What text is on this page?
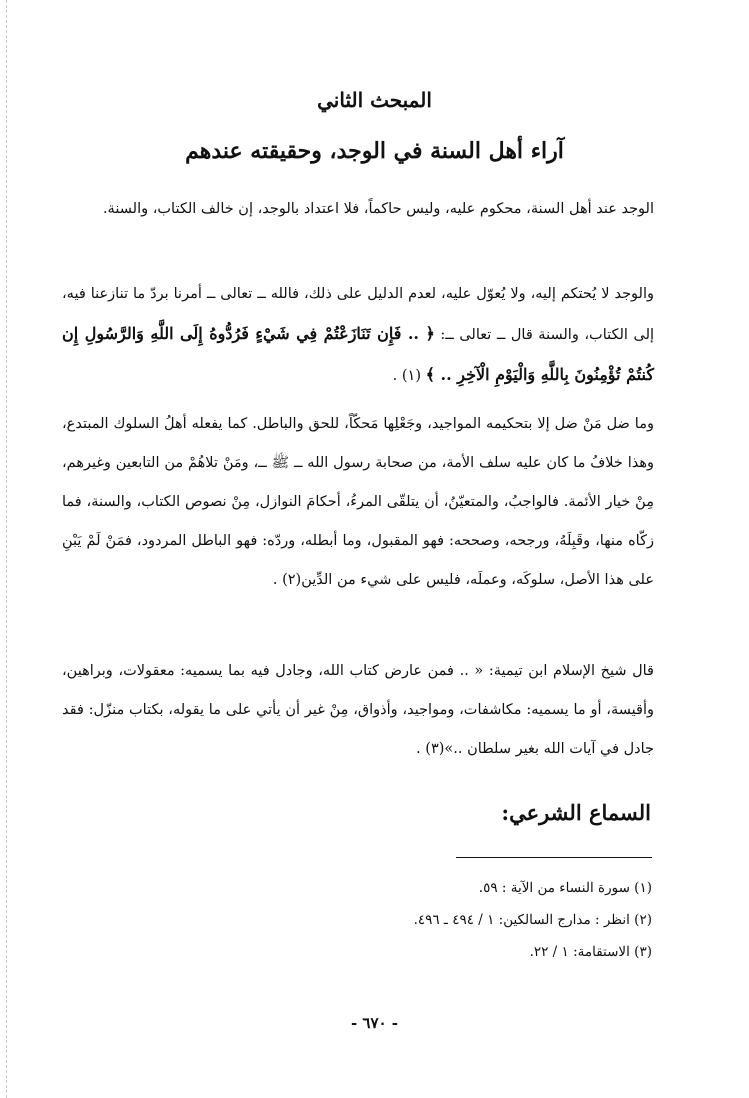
المبحث الثاني
آراء أهل السنة في الوجد، وحقيقته عندهم

الوجد عند أهل السنة، محكوم عليه، وليس حاكماً، فلا اعتداد بالوجد، إن خالف الكتاب، والسنة.

والوجد لا يُحتكم إليه، ولا يُعوّل عليه، لعدم الدليل على ذلك، فالله ــ تعالى ــ أمرنا بردّ ما تنازعنا فيه، إلى الكتاب، والسنة قال ــ تعالى ــ: ﴿ .. فَإِن تَنَازَعْتُمْ فِي شَيْءٍ فَرُدُّوهُ إِلَى اللَّهِ وَالرَّسُولِ إِن كُنتُمْ تُؤْمِنُونَ بِاللَّهِ وَالْيَوْمِ الْآخِرِ .. ﴾ (١) .

وما ضل مَنْ ضل إلا بتحكيمه المواجيد، وجَعْلِها مَحكّاً، للحق والباطل. كما يفعله أهلُ السلوك المبتدع، وهذا خلافُ ما كان عليه سلف الأمة، من صحابة رسول الله ــ ﷺ ــ، ومَنْ تلاهُمْ من التابعين وغيرهم، مِنْ خيار الأئمة. فالواجبُ، والمتعيّنُ، أن يتلقّى المرءُ، أحكامَ النوازل، مِنْ نصوص الكتاب، والسنة، فما زكّاه منها، وقَبِلَهُ، ورجحه، وصححه: فهو المقبول، وما أبطله، وردّه: فهو الباطل المردود، فمَنْ لَمْ يَبْنِ على هذا الأصل، سلوكَه، وعملَه، فليس على شيء من الدِّين(٢) .

قال شيخ الإسلام ابن تيمية: « .. فمن عارض كتاب الله، وجادل فيه بما يسميه: معقولات، وبراهين، وأقيسة، أو ما يسميه: مكاشفات، ومواجيد، وأذواق، مِنْ غير أن يأتي على ما يقوله، بكتاب منزّل: فقد جادل في آيات الله بغير سلطان ..»(٣) .

السماع الشرعي:
(١) سورة النساء من الآية : ٥٩.
(٢) انظر : مدارج السالكين: ١ / ٤٩٤ ـ ٤٩٦.
(٣) الاستقامة: ١ / ٢٢.
- ٦٧٠ -
